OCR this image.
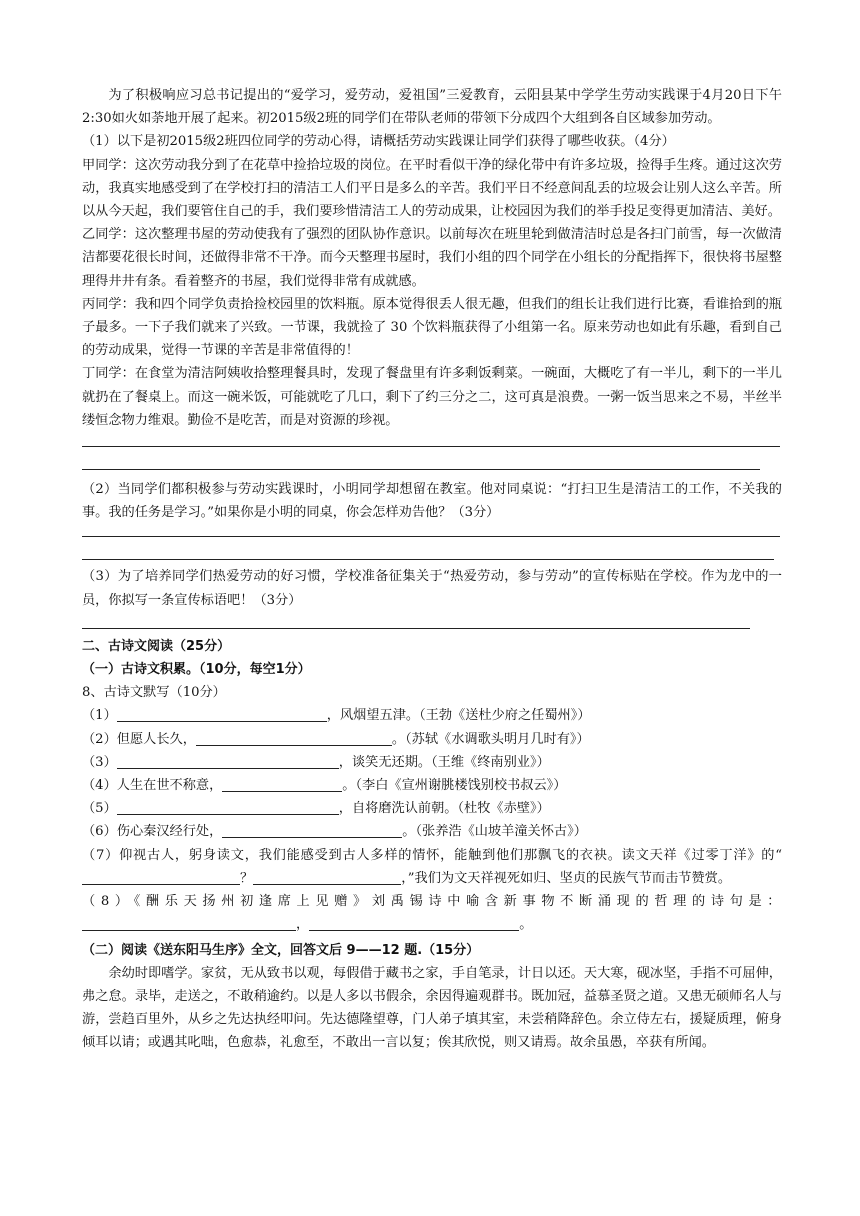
为了积极响应习总书记提出的“爱学习，爱劳动，爱祖国”三爱教育，云阳县某中学学生劳动实践课于4月20日下午2:30如火如荼地开展了起来。初2015级2班的同学们在带队老师的带领下分成四个大组到各自区域参加劳动。

（1）以下是初2015级2班四位同学的劳动心得，请概括劳动实践课让同学们获得了哪些收获。（4分）

甲同学：这次劳动我分到了在花草中捡拾垃圾的岗位。在平时看似干净的绿化带中有许多垃圾，捡得手生疼。通过这次劳动，我真实地感受到了在学校打扫的清洁工人们平日是多么的辛苦。我们平日不经意间乱丢的垃圾会让别人这么辛苦。所以从今天起，我们要管住自己的手，我们要珍惜清洁工人的劳动成果，让校园因为我们的举手投足变得更加清洁、美好。

乙同学：这次整理书屋的劳动使我有了强烈的团队协作意识。以前每次在班里轮到做清洁时总是各扫门前雪，每一次做清洁都要花很长时间，还做得非常不干净。而今天整理书屋时，我们小组的四个同学在小组长的分配指挥下，很快将书屋整理得井井有条。看着整齐的书屋，我们觉得非常有成就感。

丙同学：我和四个同学负责拾捡校园里的饮料瓶。原本觉得很丢人很无趣，但我们的组长让我们进行比赛，看谁拾到的瓶子最多。一下子我们就来了兴致。一节课，我就捡了 30 个饮料瓶获得了小组第一名。原来劳动也如此有乐趣，看到自己的劳动成果，觉得一节课的辛苦是非常值得的！

丁同学：在食堂为清洁阿姨收拾整理餐具时，发现了餐盘里有许多剩饭剩菜。一碗面，大概吃了有一半儿，剩下的一半儿就扔在了餐桌上。而这一碗米饭，可能就吃了几口，剩下了约三分之二，这可真是浪费。一粥一饭当思来之不易，半丝半缕恒念物力维艰。勤俭不是吃苦，而是对资源的珍视。

（2）当同学们都积极参与劳动实践课时，小明同学却想留在教室。他对同桌说：“打扫卫生是清洁工的工作，不关我的事。我的任务是学习。”如果你是小明的同桌，你会怎样劝告他？（3分）

（3）为了培养同学们热爱劳动的好习惯，学校准备征集关于“热爱劳动，参与劳动”的宣传标贴在学校。作为龙中的一员，你拟写一条宣传标语吧！（3分）

二、古诗文阅读（25分）

（一）古诗文积累。（10分，每空1分）

8、古诗文默写（10分）

（1）	，风烟望五津。（王勃《送杜少府之任蜀州》）

（2）但愿人长久，	。（苏轼《水调歌头明月几时有》）

（3）	，谈笑无还期。（王维《终南别业》）

（4）人生在世不称意，	。（李白《宣州谢朓楼饯别校书叔云》）

（5）	，自将磨洗认前朝。（杜牧《赤壁》）

（6）伤心秦汉经行处，	。（张养浩《山坡羊潼关怀古》）

（7）仰视古人，躬身读文，我们能感受到古人多样的情怀，能触到他们那飘飞的衣袂。读文天祥《过零丁洋》的“？	，”我们为文天祥视死如归、坚贞的民族气节而击节赞赏。

（8）《酬乐天扬州初逢席上见赠》刘禹锡诗中喻含新事物不断涌现的哲理的诗句是：

，	。

（二）阅读《送东阳马生序》全文，回答文后 9——12 题.（15分）

余幼时即嗜学。家贫，无从致书以观，每假借于藏书之家，手自笔录，计日以还。天大寒，砚冰坚，手指不可屈伸，弗之怠。录毕，走送之，不敢稍逾约。以是人多以书假余，余因得遍观群书。既加冠，益慕圣贤之道。又患无硕师名人与游，尝趋百里外，从乡之先达执经叩问。先达德隆望尊，门人弟子填其室，未尝稍降辞色。余立侍左右，援疑质理，俯身倾耳以请；或遇其叱咄，色愈恭，礼愈至，不敢出一言以复；俟其欣悦，则又请焉。故余虽愚，卒获有所闻。
